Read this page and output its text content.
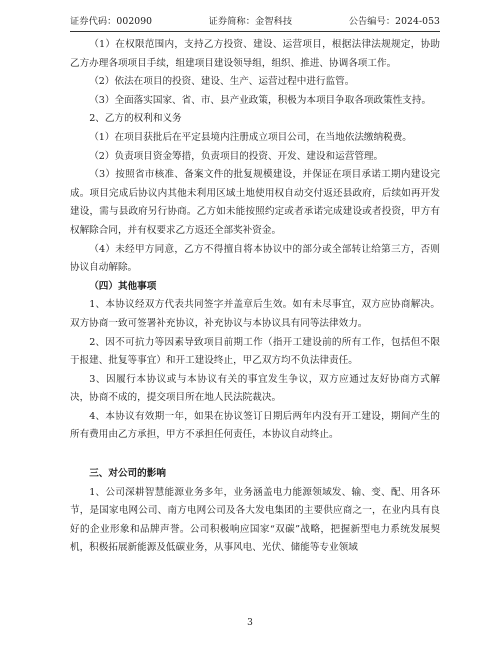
证券代码：002090	证券简称：金智科技	公告编号：2024-053

（1）在权限范围内，支持乙方投资、建设、运营项目，根据法律法规规定，协助乙方办理各项项目手续，组建项目建设领导组，组织、推进、协调各项工作。

（2）依法在项目的投资、建设、生产、运营过程中进行监管。

（3）全面落实国家、省、市、县产业政策，积极为本项目争取各项政策性支持。

2、乙方的权利和义务

（1）在项目获批后在平定县境内注册成立项目公司，在当地依法缴纳税费。

（2）负责项目资金筹措，负责项目的投资、开发、建设和运营管理。

（3）按照省市核准、备案文件的批复规模建设，并保证在项目承诺工期内建设完成。项目完成后协议内其他未利用区域土地使用权自动交付返还县政府，后续如再开发建设，需与县政府另行协商。乙方如未能按照约定或者承诺完成建设或者投资，甲方有权解除合同，并有权要求乙方返还全部奖补资金。

（4）未经甲方同意，乙方不得擅自将本协议中的部分或全部转让给第三方，否则协议自动解除。

（四）其他事项

1、本协议经双方代表共同签字并盖章后生效。如有未尽事宜，双方应协商解决。双方协商一致可签署补充协议，补充协议与本协议具有同等法律效力。

2、因不可抗力等因素导致项目前期工作（指开工建设前的所有工作，包括但不限于报建、批复等事宜）和开工建设终止，甲乙双方均不负法律责任。

3、因履行本协议或与本协议有关的事宜发生争议，双方应通过友好协商方式解决，协商不成的，提交项目所在地人民法院裁决。

4、本协议有效期一年，如果在协议签订日期后两年内没有开工建设，期间产生的所有费用由乙方承担，甲方不承担任何责任，本协议自动终止。

三、对公司的影响

1、公司深耕智慧能源业务多年，业务涵盖电力能源领域发、输、变、配、用各环节，是国家电网公司、南方电网公司及各大发电集团的主要供应商之一，在业内具有良好的企业形象和品牌声誉。公司积极响应国家“双碳”战略，把握新型电力系统发展契机，积极拓展新能源及低碳业务，从事风电、光伏、储能等专业领域

3
